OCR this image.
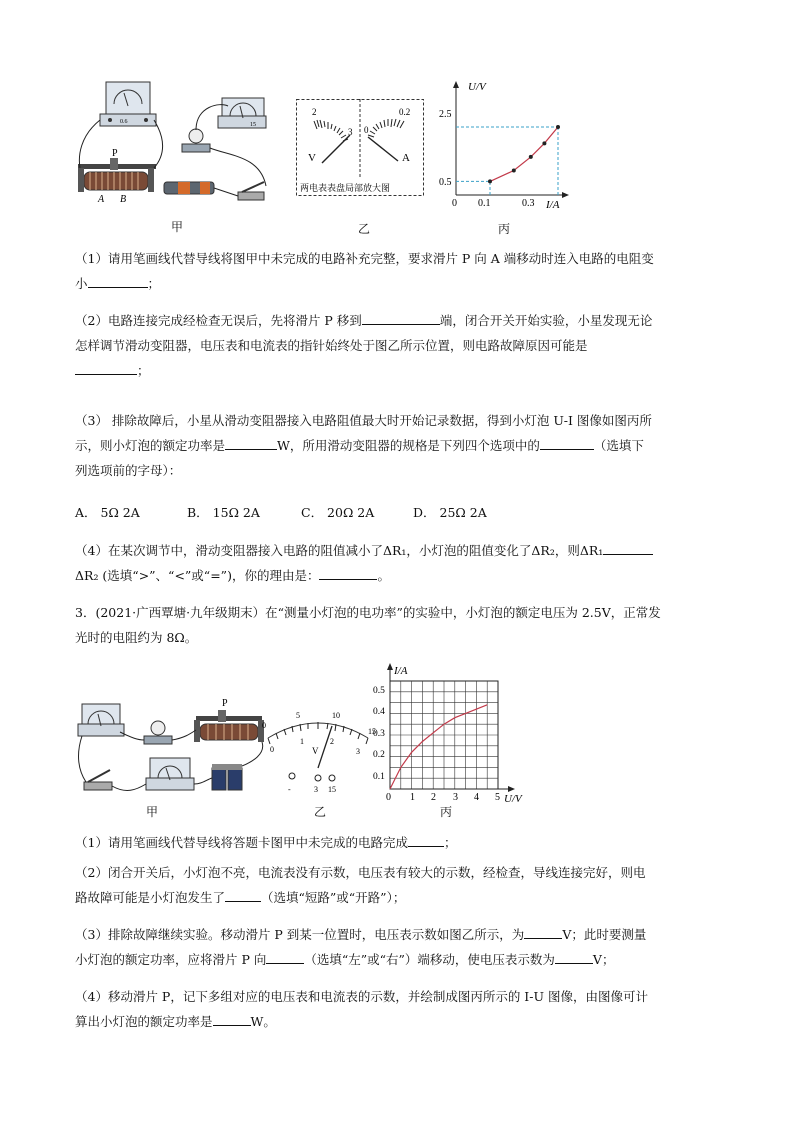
0.6
P
A B
15
甲
2
3
V
0
0.2
A
两电表表盘局部放大图
乙
U/V
I/A
0
2.5
0.5
0.1	0.3
丙
（1）请用笔画线代替导线将图甲中未完成的电路补充完整，要求滑片 P 向 A 端移动时连入电路的电阻变
小	；
（2）电路连接完成经检查无误后，先将滑片 P 移到	端，闭合开关开始实验，小星发现无论
怎样调节滑动变阻器，电压表和电流表的指针始终处于图乙所示位置，则电路故障原因可能是
；
（3） 排除故障后，小星从滑动变阻器接入电路阻值最大时开始记录数据，得到小灯泡 U-I 图像如图丙所
示，则小灯泡的额定功率是	W，所用滑动变阻器的规格是下列四个选项中的	（选填下
列选项前的字母）：
A． 5Ω 2A	B． 15Ω 2A	C． 20Ω 2A	D． 25Ω 2A
（4）在某次调节中，滑动变阻器接入电路的阻值减小了ΔR₁，小灯泡的阻值变化了ΔR₂，则ΔR₁
ΔR₂ (选填“>”、“<”或“=”)，你的理由是：	。
3．(2021·广西覃塘·九年级期末）在“测量小灯泡的电功率”的实验中，小灯泡的额定电压为 2.5V，正常发
光时的电阻约为 8Ω。
P
甲
0
5	10
15
0
1	2
3
V
-	3 15
乙
I/A
U/V
0.5
0.4
0.3
0.2
0.1
0 1 2 3 4 5
丙
（1）请用笔画线代替导线将答题卡图甲中未完成的电路完成	；
（2）闭合开关后，小灯泡不亮，电流表没有示数，电压表有较大的示数，经检查，导线连接完好，则电
路故障可能是小灯泡发生了	（选填“短路”或“开路”）；
（3）排除故障继续实验。移动滑片 P 到某一位置时，电压表示数如图乙所示，为	V；此时要测量
小灯泡的额定功率，应将滑片 P 向	（选填“左”或“右”）端移动，使电压表示数为	V；
（4）移动滑片 P，记下多组对应的电压表和电流表的示数，并绘制成图丙所示的 I-U 图像，由图像可计
算出小灯泡的额定功率是	W。
